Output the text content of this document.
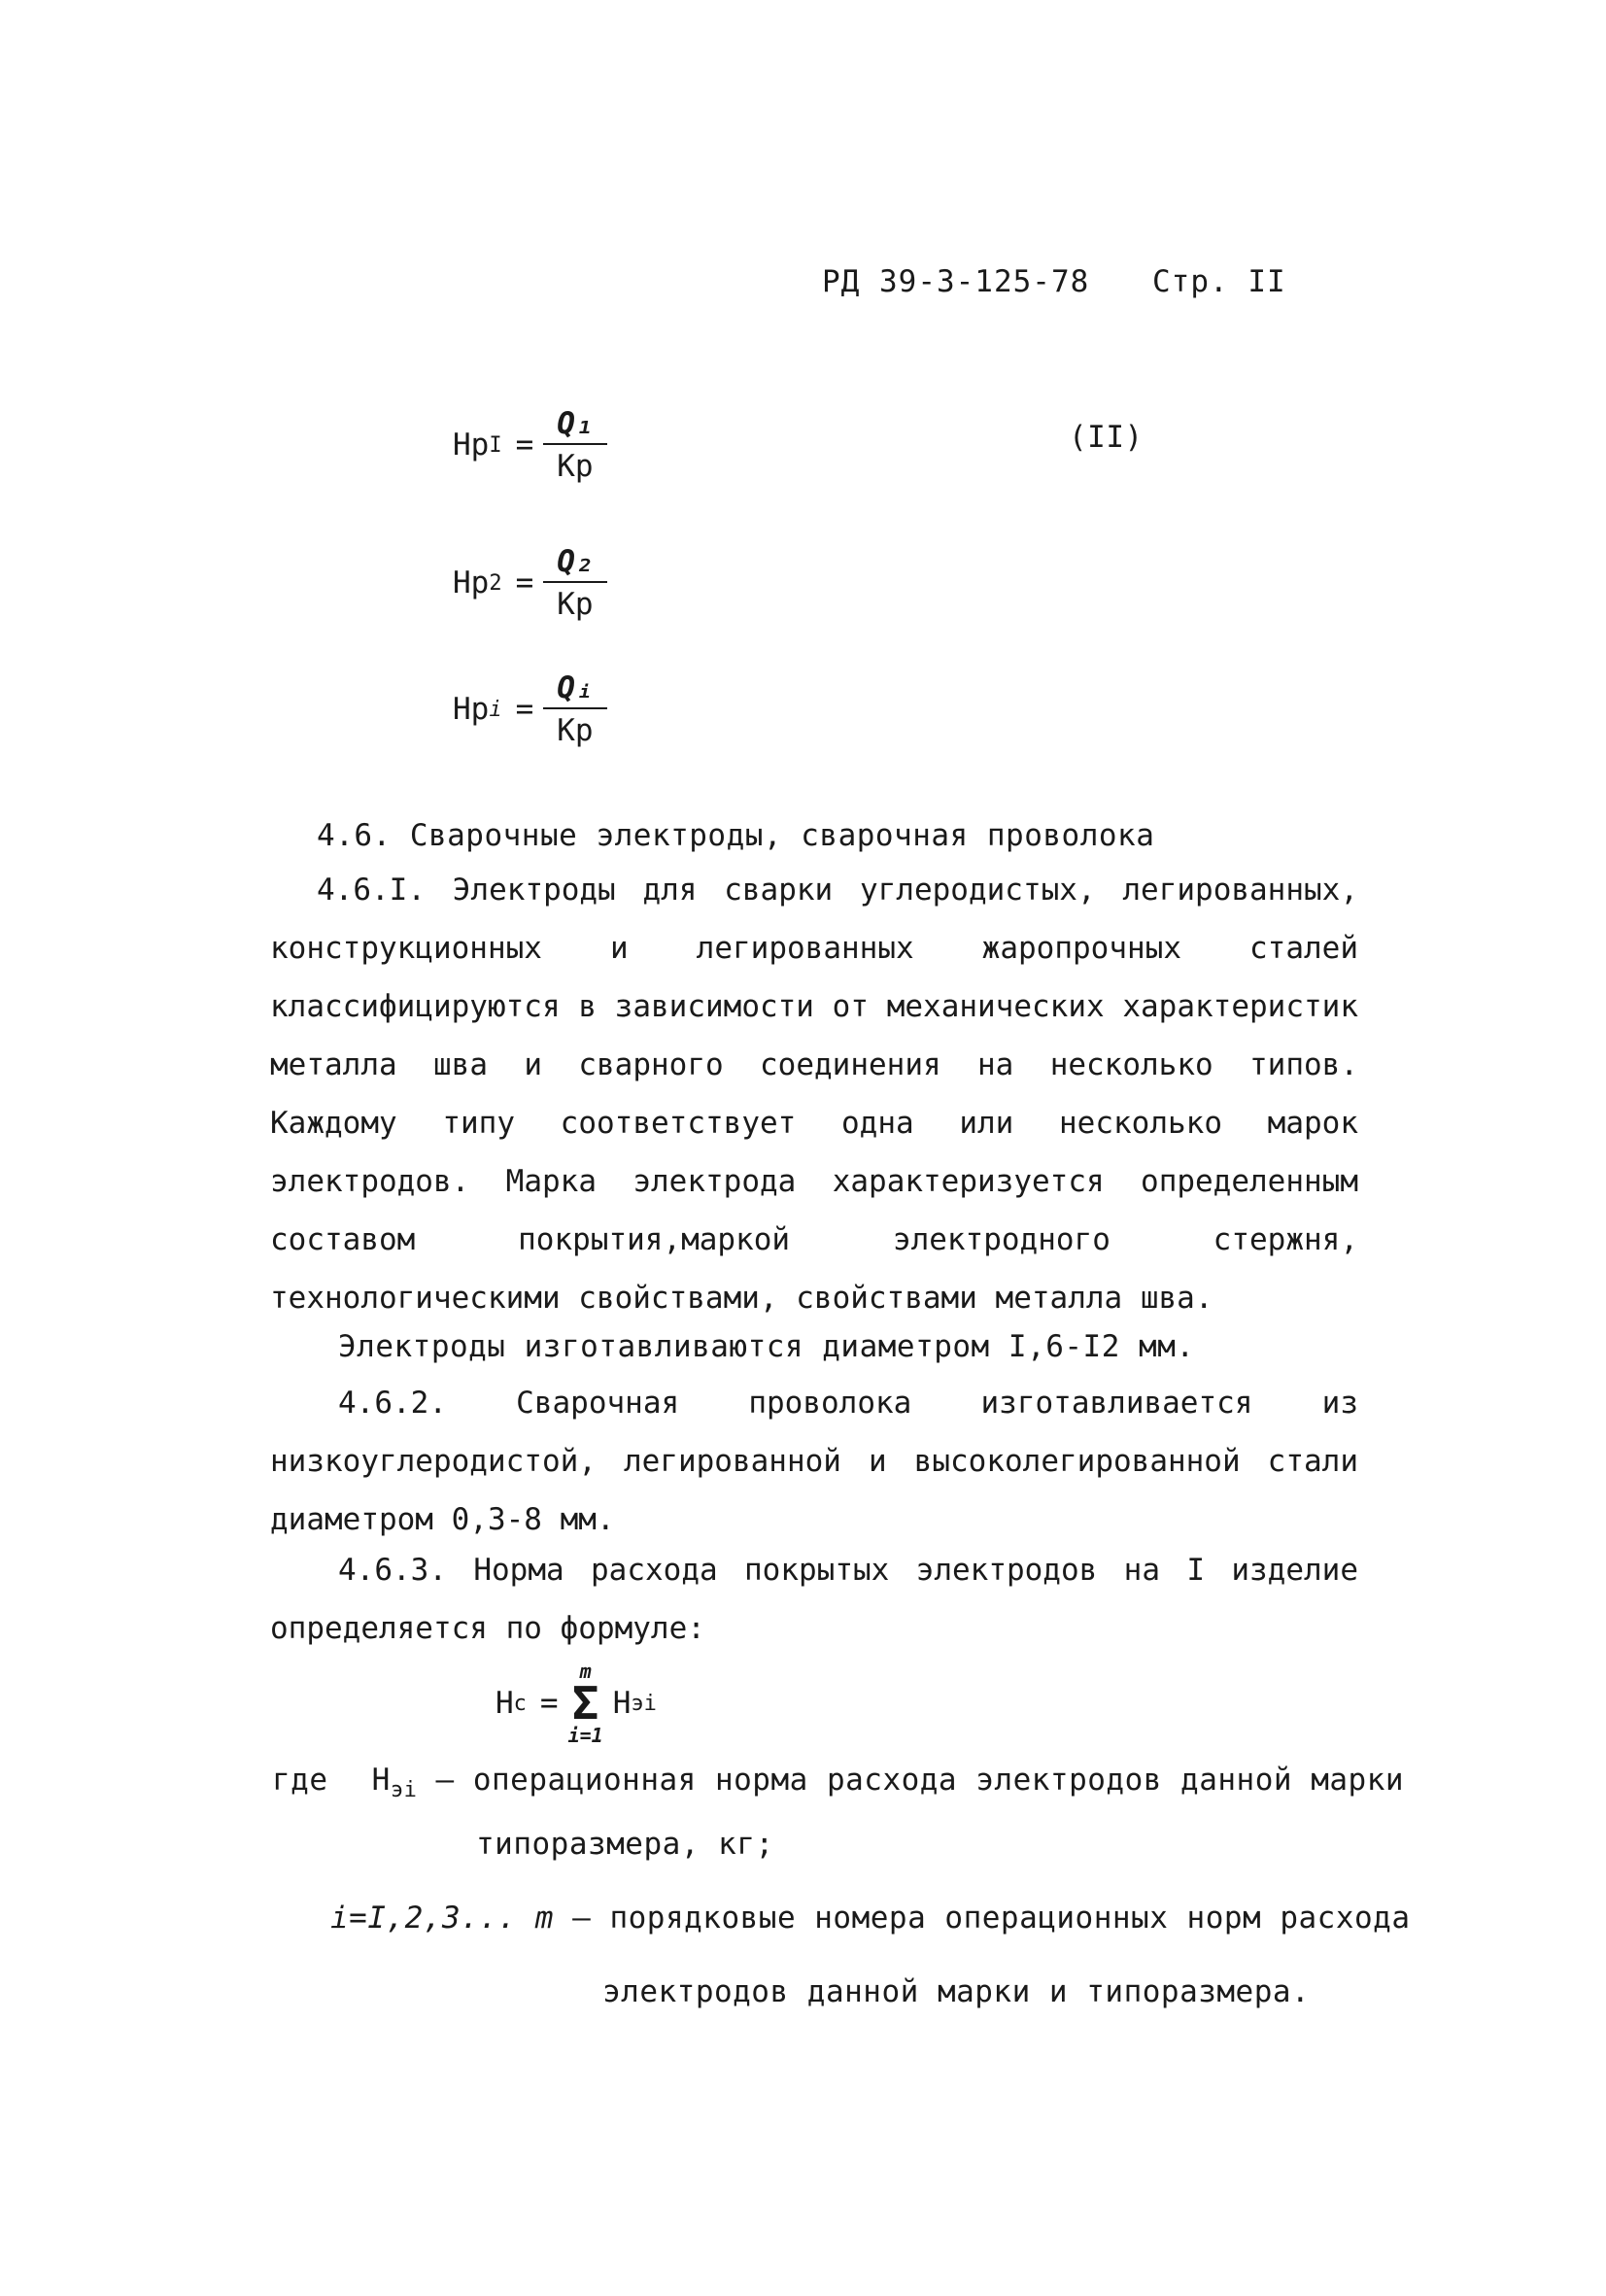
РД 39-3-125-78 Стр. II
Нр $I = \frac{\text{Q₁}}{Кр}$	(II)
Нр $2 = \frac{\text{Q₂}}{Кр}$
Нр $i = \frac{\text{Qᵢ}}{Кр}$
4.6. Сварочные электроды, сварочная проволока
4.6.I. Электроды для сварки углеродистых, легированных, конструкционных и легированных жаропрочных сталей классифицируются в зависимости от механических характеристик металла шва и сварного соединения на несколько типов. Каждому типу соответствует одна или несколько марок электродов. Марка электрода характеризуется определенным составом покрытия,маркой электродного стержня, технологическими свойствами, свойствами металла шва.
Электроды изготавливаются диаметром I,6-I2 мм.
4.6.2. Сварочная проволока изготавливается из низкоуглеродистой, легированной и высоколегированной стали диаметром 0,3-8 мм.
4.6.3. Норма расхода покрытых электродов на I изделие определяется по формуле:
Н с =
m
Σ
i=1
Н эi
где $Н_{эi}$ – операционная норма расхода электродов данной марки
типоразмера, кг;
i=I,2,3... m – порядковые номера операционных норм расхода
электродов данной марки и типоразмера.
